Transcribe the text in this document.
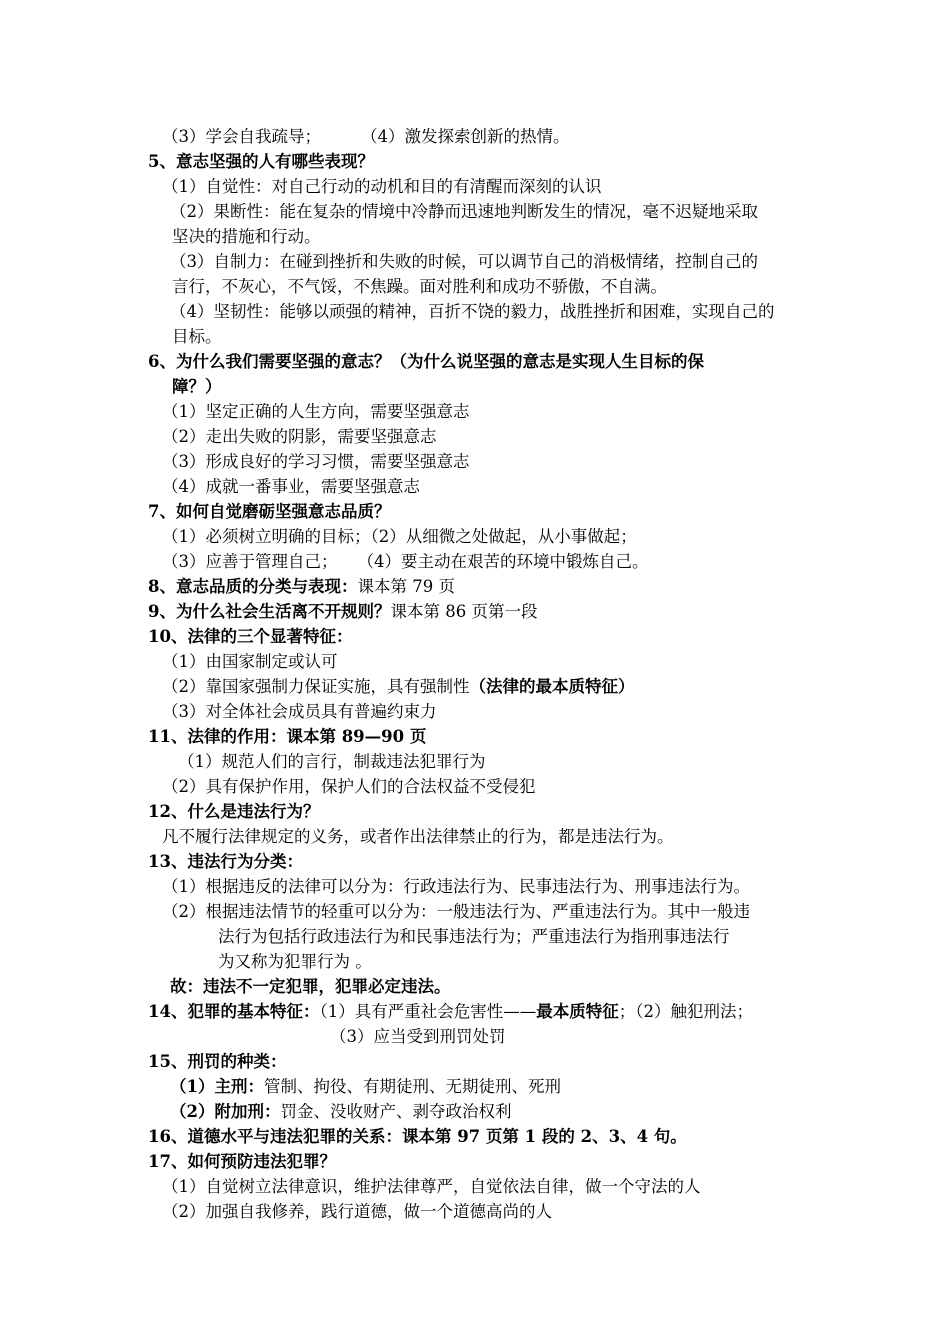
（3）学会自我疏导； （4）激发探索创新的热情。
5、意志坚强的人有哪些表现？
（1）自觉性：对自己行动的动机和目的有清醒而深刻的认识
（2）果断性：能在复杂的情境中冷静而迅速地判断发生的情况，毫不迟疑地采取
坚决的措施和行动。
（3）自制力：在碰到挫折和失败的时候，可以调节自己的消极情绪，控制自己的
言行，不灰心，不气馁，不焦躁。面对胜利和成功不骄傲，不自满。
（4）坚韧性：能够以顽强的精神，百折不饶的毅力，战胜挫折和困难，实现自己的
目标。
6、为什么我们需要坚强的意志？（为什么说坚强的意志是实现人生目标的保
障？）
（1）坚定正确的人生方向，需要坚强意志
（2）走出失败的阴影，需要坚强意志
（3）形成良好的学习习惯，需要坚强意志
（4）成就一番事业，需要坚强意志
7、如何自觉磨砺坚强意志品质？
（1）必须树立明确的目标；（2）从细微之处做起，从小事做起；
（3）应善于管理自己； （4）要主动在艰苦的环境中锻炼自己。
8、意志品质的分类与表现：课本第 79 页
9、为什么社会生活离不开规则？课本第 86 页第一段
10、法律的三个显著特征：
（1）由国家制定或认可
（2）靠国家强制力保证实施，具有强制性（法律的最本质特征）
（3）对全体社会成员具有普遍约束力
11、法律的作用：课本第 89—90 页
（1）规范人们的言行，制裁违法犯罪行为
（2）具有保护作用，保护人们的合法权益不受侵犯
12、什么是违法行为？
凡不履行法律规定的义务，或者作出法律禁止的行为，都是违法行为。
13、违法行为分类：
（1）根据违反的法律可以分为：行政违法行为、民事违法行为、刑事违法行为。
（2）根据违法情节的轻重可以分为：一般违法行为、严重违法行为。其中一般违
法行为包括行政违法行为和民事违法行为；严重违法行为指刑事违法行
为又称为犯罪行为 。
故：违法不一定犯罪，犯罪必定违法。
14、犯罪的基本特征：（1）具有严重社会危害性——最本质特征；（2）触犯刑法；
（3）应当受到刑罚处罚
15、刑罚的种类：
（1）主刑：管制、拘役、有期徒刑、无期徒刑、死刑
（2）附加刑：罚金、没收财产、剥夺政治权利
16、道德水平与违法犯罪的关系：课本第 97 页第 1 段的 2、3、4 句。
17、如何预防违法犯罪？
（1）自觉树立法律意识，维护法律尊严，自觉依法自律，做一个守法的人
（2）加强自我修养，践行道德，做一个道德高尚的人
